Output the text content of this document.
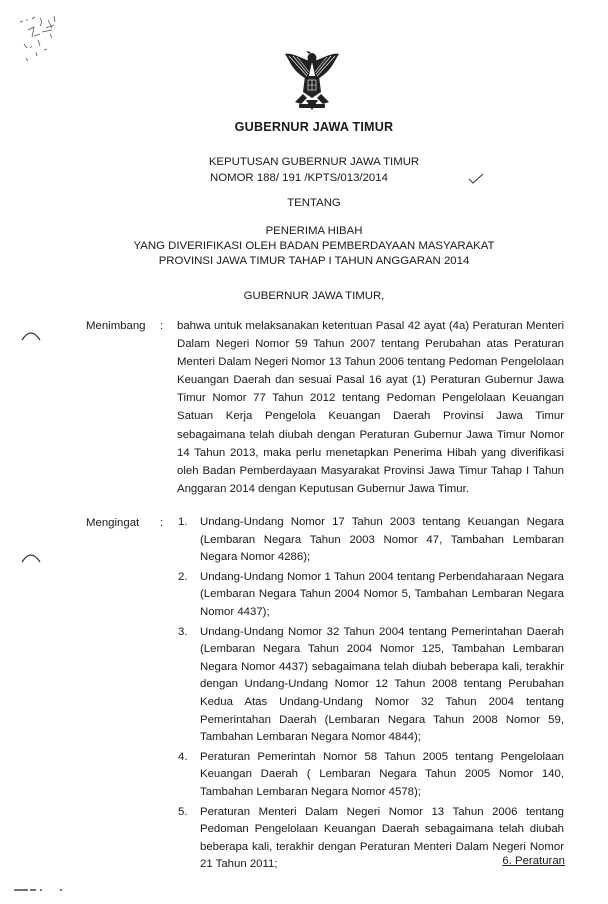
GUBERNUR JAWA TIMUR
KEPUTUSAN GUBERNUR JAWA TIMUR
NOMOR 188/ 191 /KPTS/013/2014
TENTANG
PENERIMA HIBAH
YANG DIVERIFIKASI OLEH BADAN PEMBERDAYAAN MASYARAKAT
PROVINSI JAWA TIMUR TAHAP I TAHUN ANGGARAN 2014
GUBERNUR JAWA TIMUR,
Menimbang : bahwa untuk melaksanakan ketentuan Pasal 42 ayat (4a) Peraturan Menteri Dalam Negeri Nomor 59 Tahun 2007 tentang Perubahan atas Peraturan Menteri Dalam Negeri Nomor 13 Tahun 2006 tentang Pedoman Pengelolaan Keuangan Daerah dan sesuai Pasal 16 ayat (1) Peraturan Gubernur Jawa Timur Nomor 77 Tahun 2012 tentang Pedoman Pengelolaan Keuangan Satuan Kerja Pengelola Keuangan Daerah Provinsi Jawa Timur sebagaimana telah diubah dengan Peraturan Gubernur Jawa Timur Nomor 14 Tahun 2013, maka perlu menetapkan Penerima Hibah yang diverifikasi oleh Badan Pemberdayaan Masyarakat Provinsi Jawa Timur Tahap I Tahun Anggaran 2014 dengan Keputusan Gubernur Jawa Timur.

Mengingat : 1. Undang-Undang Nomor 17 Tahun 2003 tentang Keuangan Negara (Lembaran Negara Tahun 2003 Nomor 47, Tambahan Lembaran Negara Nomor 4286);
2. Undang-Undang Nomor 1 Tahun 2004 tentang Perbendaharaan Negara (Lembaran Negara Tahun 2004 Nomor 5, Tambahan Lembaran Negara Nomor 4437);
3. Undang-Undang Nomor 32 Tahun 2004 tentang Pemerintahan Daerah (Lembaran Negara Tahun 2004 Nomor 125, Tambahan Lembaran Negara Nomor 4437) sebagaimana telah diubah beberapa kali, terakhir dengan Undang-Undang Nomor 12 Tahun 2008 tentang Perubahan Kedua Atas Undang-Undang Nomor 32 Tahun 2004 tentang Pemerintahan Daerah (Lembaran Negara Tahun 2008 Nomor 59, Tambahan Lembaran Negara Nomor 4844);
4. Peraturan Pemerintah Nomor 58 Tahun 2005 tentang Pengelolaan Keuangan Daerah ( Lembaran Negara Tahun 2005 Nomor 140, Tambahan Lembaran Negara Nomor 4578);
5. Peraturan Menteri Dalam Negeri Nomor 13 Tahun 2006 tentang Pedoman Pengelolaan Keuangan Daerah sebagaimana telah diubah beberapa kali, terakhir dengan Peraturan Menteri Dalam Negeri Nomor 21 Tahun 2011;	6. Peraturan
